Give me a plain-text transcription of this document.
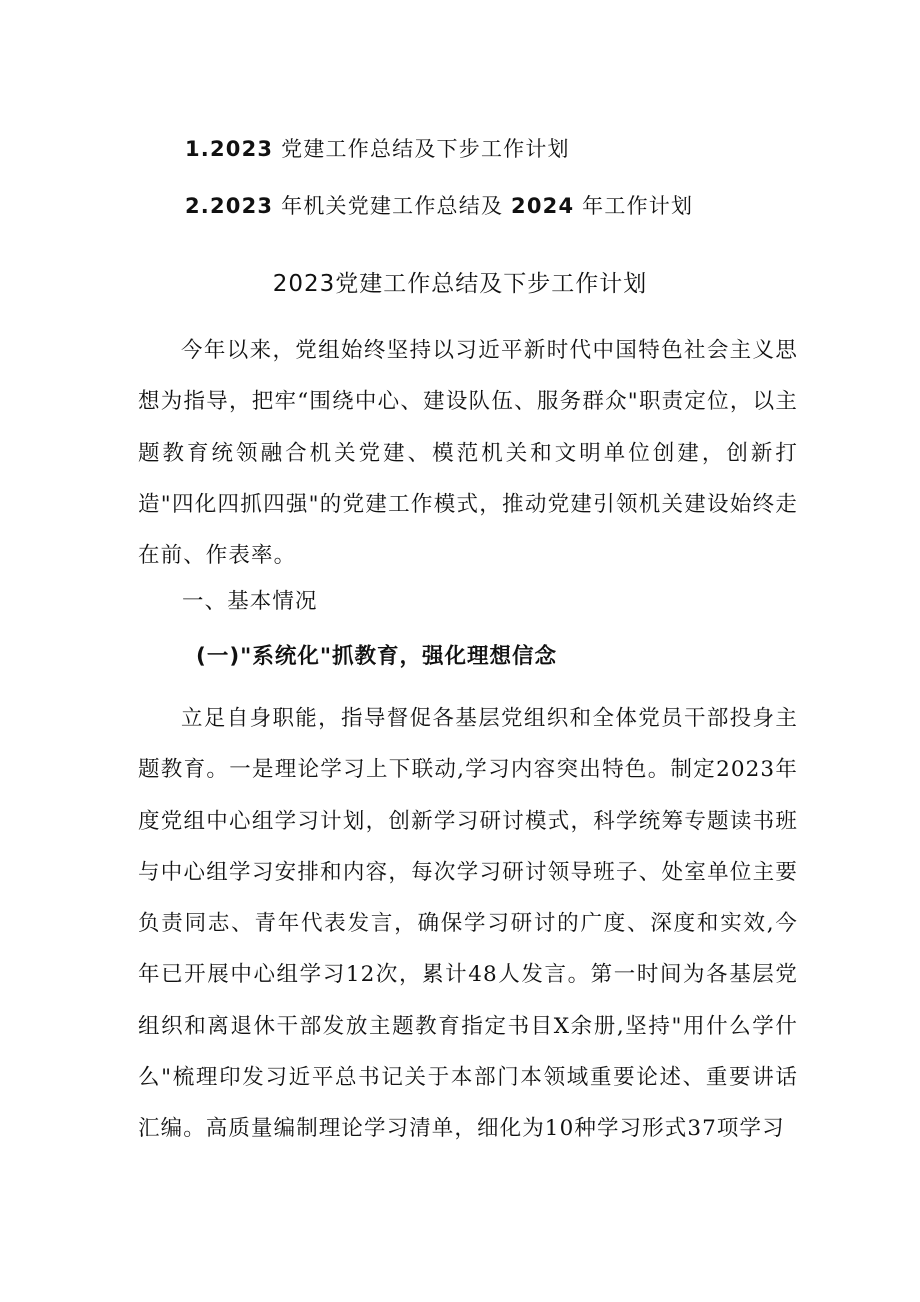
1.2023 党建工作总结及下步工作计划
2.2023 年机关党建工作总结及 2024 年工作计划
2023党建工作总结及下步工作计划

今年以来，党组始终坚持以习近平新时代中国特色社会主义思想为指导，把牢“围绕中心、建设队伍、服务群众"职责定位，以主题教育统领融合机关党建、模范机关和文明单位创建，创新打造"四化四抓四强"的党建工作模式，推动党建引领机关建设始终走在前、作表率。

一、基本情况
(一)"系统化"抓教育，强化理想信念

立足自身职能，指导督促各基层党组织和全体党员干部投身主题教育。一是理论学习上下联动,学习内容突出特色。制定2023年度党组中心组学习计划，创新学习研讨模式，科学统筹专题读书班与中心组学习安排和内容，每次学习研讨领导班子、处室单位主要负责同志、青年代表发言，确保学习研讨的广度、深度和实效,今年已开展中心组学习12次，累计48人发言。第一时间为各基层党组织和离退休干部发放主题教育指定书目X余册,坚持"用什么学什么"梳理印发习近平总书记关于本部门本领域重要论述、重要讲话汇编。高质量编制理论学习清单，细化为10种学习形式37项学习
